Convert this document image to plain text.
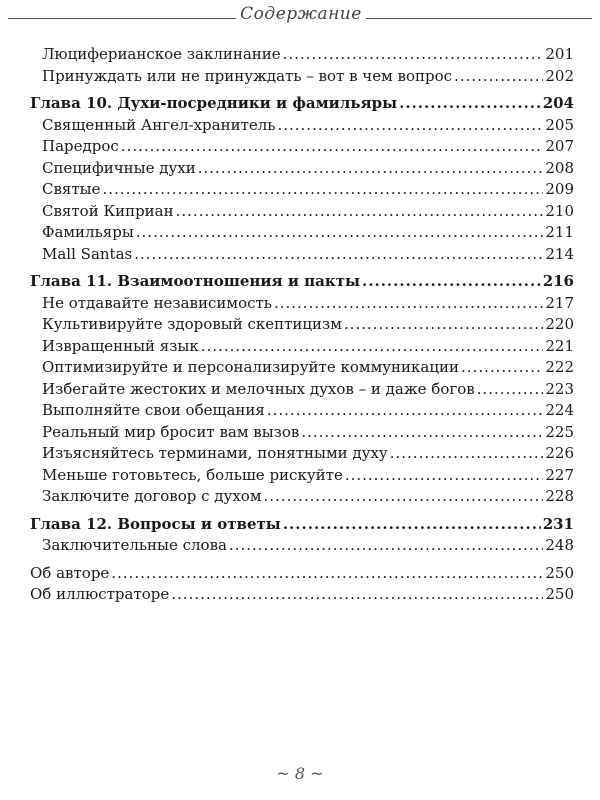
Содержание
Люциферианское заклинание .....	201
Принуждать или не принуждать – вот в чем вопрос .....	202
Глава 10. Духи-посредники и фамильяры .....	204
Священный Ангел-хранитель .....	205
Паредрос .....	207
Специфичные духи .....	208
Святые .....	209
Святой Киприан .....	210
Фамильяры .....	211
Mall Santas .....	214
Глава 11. Взаимоотношения и пакты .....	216
Не отдавайте независимость .....	217
Культивируйте здоровый скептицизм .....	220
Извращенный язык .....	221
Оптимизируйте и персонализируйте коммуникации .....	222
Избегайте жестоких и мелочных духов – и даже богов .....	223
Выполняйте свои обещания .....	224
Реальный мир бросит вам вызов .....	225
Изъясняйтесь терминами, понятными духу .....	226
Меньше готовьтесь, больше рискуйте .....	227
Заключите договор с духом .....	228
Глава 12. Вопросы и ответы .....	231
Заключительные слова .....	248
Об авторе .....	250
Об иллюстраторе .....	250
~ 8 ~
